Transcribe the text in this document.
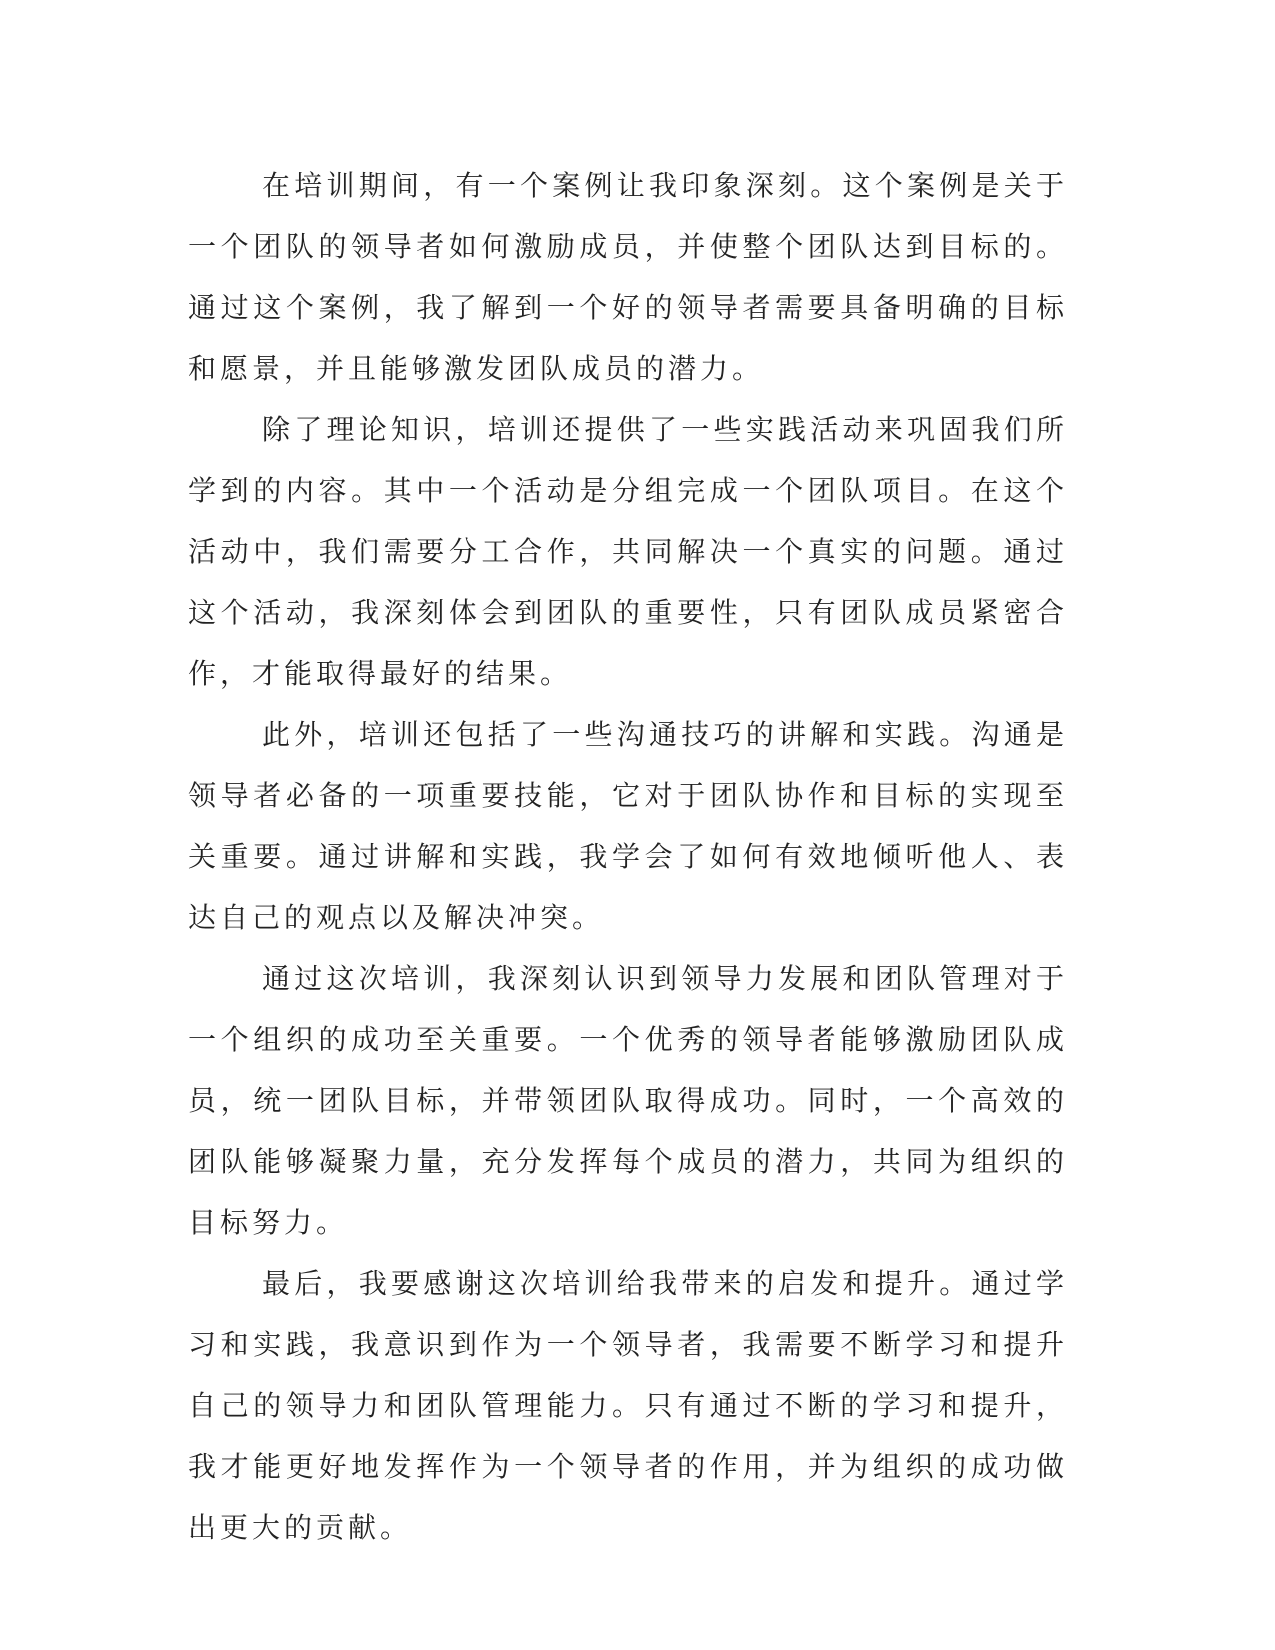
在培训期间，有一个案例让我印象深刻。这个案例是关于一个团队的领导者如何激励成员，并使整个团队达到目标的。通过这个案例，我了解到一个好的领导者需要具备明确的目标和愿景，并且能够激发团队成员的潜力。

除了理论知识，培训还提供了一些实践活动来巩固我们所学到的内容。其中一个活动是分组完成一个团队项目。在这个活动中，我们需要分工合作，共同解决一个真实的问题。通过这个活动，我深刻体会到团队的重要性，只有团队成员紧密合作，才能取得最好的结果。

此外，培训还包括了一些沟通技巧的讲解和实践。沟通是领导者必备的一项重要技能，它对于团队协作和目标的实现至关重要。通过讲解和实践，我学会了如何有效地倾听他人、表达自己的观点以及解决冲突。

通过这次培训，我深刻认识到领导力发展和团队管理对于一个组织的成功至关重要。一个优秀的领导者能够激励团队成员，统一团队目标，并带领团队取得成功。同时，一个高效的团队能够凝聚力量，充分发挥每个成员的潜力，共同为组织的目标努力。

最后，我要感谢这次培训给我带来的启发和提升。通过学习和实践，我意识到作为一个领导者，我需要不断学习和提升自己的领导力和团队管理能力。只有通过不断的学习和提升，我才能更好地发挥作为一个领导者的作用，并为组织的成功做出更大的贡献。
